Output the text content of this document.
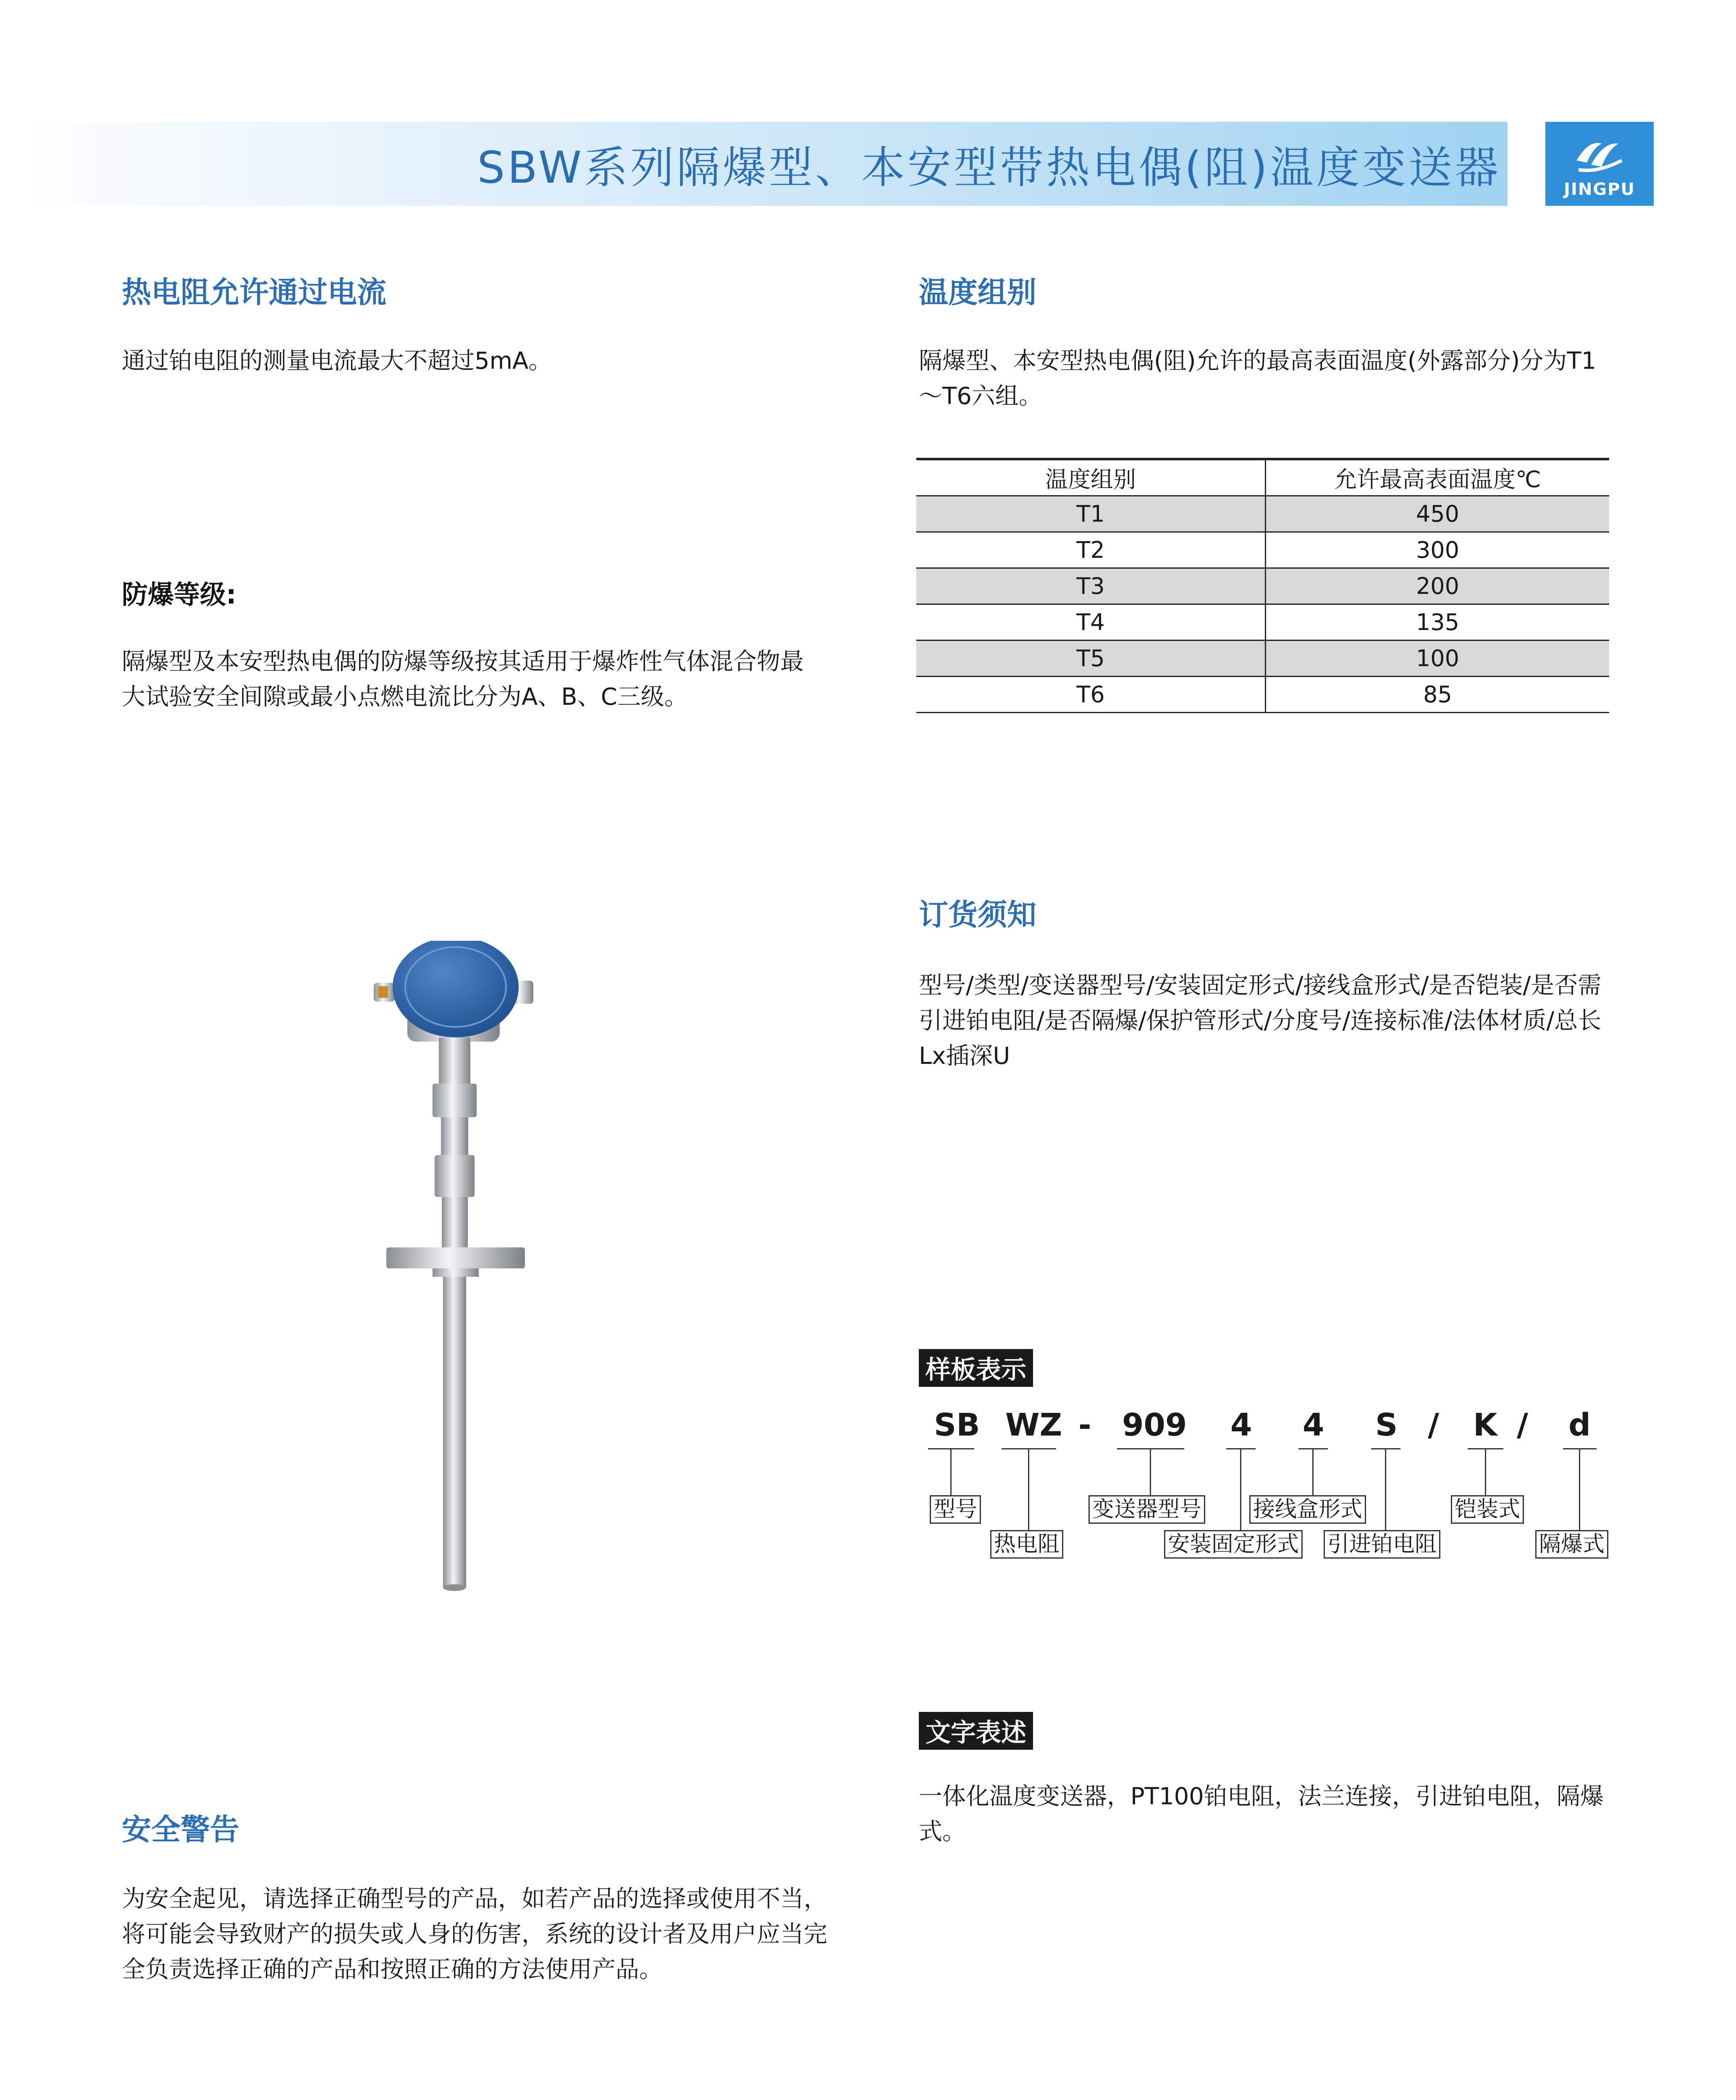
SBW系列隔爆型、本安型带热电偶(阻)温度变送器	JINGPU
热电阻允许通过电流
通过铂电阻的测量电流最大不超过5mA。
防爆等级:
隔爆型及本安型热电偶的防爆等级按其适用于爆炸性气体混合物最大试验安全间隙或最小点燃电流比分为A、B、C三级。
安全警告
为安全起见，请选择正确型号的产品，如若产品的选择或使用不当，将可能会导致财产的损失或人身的伤害，系统的设计者及用户应当完全负责选择正确的产品和按照正确的方法使用产品。
温度组别
隔爆型、本安型热电偶(阻)允许的最高表面温度(外露部分)分为T1～T6六组。
温度组别	允许最高表面温度℃
T1	450
T2	300
T3	200
T4	135
T5	100
T6	85
订货须知
型号/类型/变送器型号/安装固定形式/接线盒形式/是否铠装/是否需引进铂电阻/是否隔爆/保护管形式/分度号/连接标准/法体材质/总长Lx插深U
样板表示
SB WZ - 909 4 4 S / K / d
型号
热电阻
变送器型号
安装固定形式
接线盒形式
引进铂电阻
铠装式
隔爆式
文字表述
一体化温度变送器，PT100铂电阻，法兰连接，引进铂电阻，隔爆式。
